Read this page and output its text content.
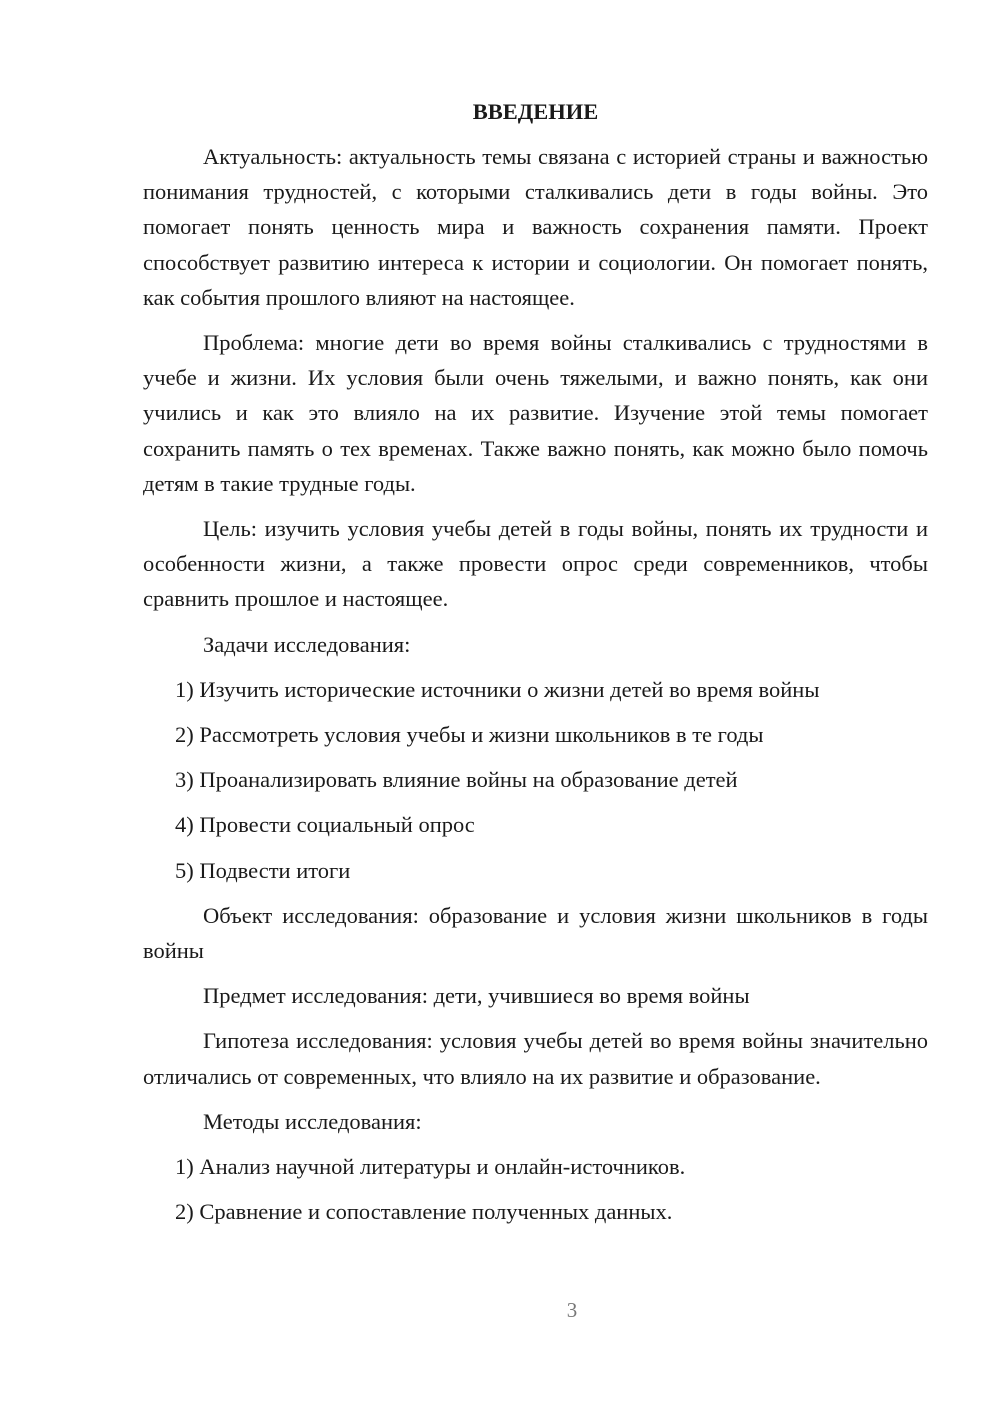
ВВЕДЕНИЕ

Актуальность: актуальность темы связана с историей страны и важностью понимания трудностей, с которыми сталкивались дети в годы войны. Это помогает понять ценность мира и важность сохранения памяти. Проект способствует развитию интереса к истории и социологии. Он помогает понять, как события прошлого влияют на настоящее.

Проблема: многие дети во время войны сталкивались с трудностями в учебе и жизни. Их условия были очень тяжелыми, и важно понять, как они учились и как это влияло на их развитие. Изучение этой темы помогает сохранить память о тех временах. Также важно понять, как можно было помочь детям в такие трудные годы.

Цель: изучить условия учебы детей в годы войны, понять их трудности и особенности жизни, а также провести опрос среди современников, чтобы сравнить прошлое и настоящее.

Задачи исследования:

1) Изучить исторические источники о жизни детей во время войны
2) Рассмотреть условия учебы и жизни школьников в те годы
3) Проанализировать влияние войны на образование детей
4) Провести социальный опрос
5) Подвести итоги

Объект исследования: образование и условия жизни школьников в годы войны

Предмет исследования: дети, учившиеся во время войны

Гипотеза исследования: условия учебы детей во время войны значительно отличались от современных, что влияло на их развитие и образование.

Методы исследования:

1) Анализ научной литературы и онлайн-источников.
2) Сравнение и сопоставление полученных данных.
3
